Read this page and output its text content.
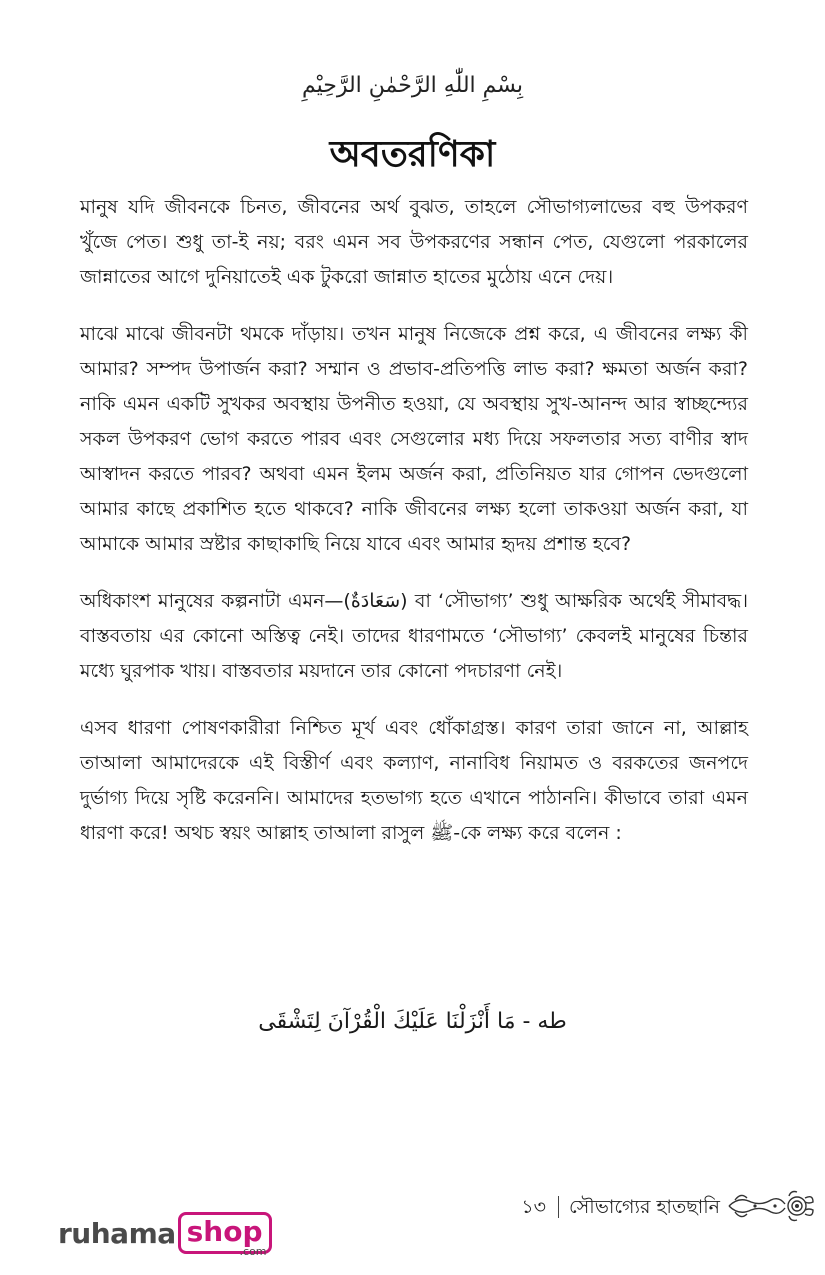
بِسْمِ اللّٰهِ الرَّحْمٰنِ الرَّحِيْمِ
অবতরণিকা

মানুষ যদি জীবনকে চিনত, জীবনের অর্থ বুঝত, তাহলে সৌভাগ্যলাভের বহু উপকরণ খুঁজে পেত। শুধু তা-ই নয়; বরং এমন সব উপকরণের সন্ধান পেত, যেগুলো পরকালের জান্নাতের আগে দুনিয়াতেই এক টুকরো জান্নাত হাতের মুঠোয় এনে দেয়।

মাঝে মাঝে জীবনটা থমকে দাঁড়ায়। তখন মানুষ নিজেকে প্রশ্ন করে, এ জীবনের লক্ষ্য কী আমার? সম্পদ উপার্জন করা? সম্মান ও প্রভাব-প্রতিপত্তি লাভ করা? ক্ষমতা অর্জন করা? নাকি এমন একটি সুখকর অবস্থায় উপনীত হওয়া, যে অবস্থায় সুখ-আনন্দ আর স্বাচ্ছন্দ্যের সকল উপকরণ ভোগ করতে পারব এবং সেগুলোর মধ্য দিয়ে সফলতার সত্য বাণীর স্বাদ আস্বাদন করতে পারব? অথবা এমন ইলম অর্জন করা, প্রতিনিয়ত যার গোপন ভেদগুলো আমার কাছে প্রকাশিত হতে থাকবে? নাকি জীবনের লক্ষ্য হলো তাকওয়া অর্জন করা, যা আমাকে আমার স্রষ্টার কাছাকাছি নিয়ে যাবে এবং আমার হৃদয় প্রশান্ত হবে?

অধিকাংশ মানুষের কল্পনাটা এমন—(سَعَادَةٌ) বা ‘সৌভাগ্য’ শুধু আক্ষরিক অর্থেই সীমাবদ্ধ। বাস্তবতায় এর কোনো অস্তিত্ব নেই। তাদের ধারণামতে ‘সৌভাগ্য’ কেবলই মানুষের চিন্তার মধ্যে ঘুরপাক খায়। বাস্তবতার ময়দানে তার কোনো পদচারণা নেই।

এসব ধারণা পোষণকারীরা নিশ্চিত মূর্খ এবং ধোঁকাগ্রস্ত। কারণ তারা জানে না, আল্লাহ তাআলা আমাদেরকে এই বিস্তীর্ণ এবং কল্যাণ, নানাবিধ নিয়ামত ও বরকতের জনপদে দুর্ভাগ্য দিয়ে সৃষ্টি করেননি। আমাদের হতভাগ্য হতে এখানে পাঠাননি। কীভাবে তারা এমন ধারণা করে! অথচ স্বয়ং আল্লাহ তাআলা রাসুল ﷺ-কে লক্ষ্য করে বলেন :

طه - مَا أَنْزَلْنَا عَلَيْكَ الْقُرْآنَ لِتَشْقَى
১৩ সৌভাগ্যের হাতছানি
ruhama shop
.com
